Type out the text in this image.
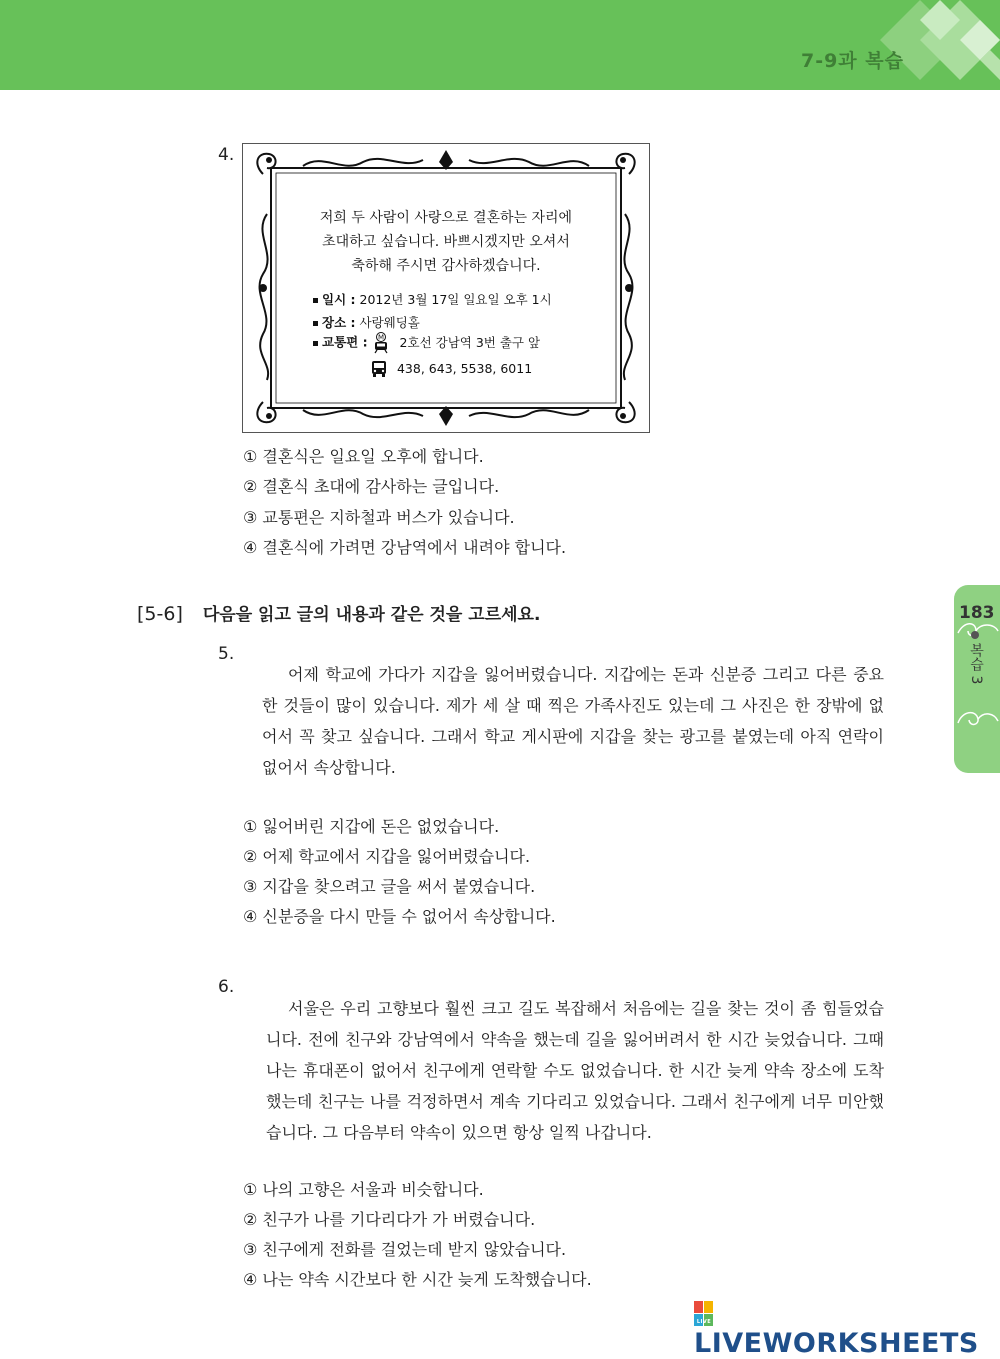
7-9과 복습
183
복습 3
4.
저희 두 사람이 사랑으로 결혼하는 자리에
초대하고 싶습니다. 바쁘시겠지만 오셔서
축하해 주시면 감사하겠습니다.
일시 : 2012년 3월 17일 일요일 오후 1시
장소 : 사랑웨딩홀
교통편 : M 2호선 강남역 3번 출구 앞
438, 643, 5538, 6011
① 결혼식은 일요일 오후에 합니다.
② 결혼식 초대에 감사하는 글입니다.
③ 교통편은 지하철과 버스가 있습니다.
④ 결혼식에 가려면 강남역에서 내려야 합니다.
[5-6] 다음을 읽고 글의 내용과 같은 것을 고르세요.
5.
어제 학교에 가다가 지갑을 잃어버렸습니다. 지갑에는 돈과 신분증 그리고 다른 중요한 것들이 많이 있습니다. 제가 세 살 때 찍은 가족사진도 있는데 그 사진은 한 장밖에 없어서 꼭 찾고 싶습니다. 그래서 학교 게시판에 지갑을 찾는 광고를 붙였는데 아직 연락이 없어서 속상합니다.
① 잃어버린 지갑에 돈은 없었습니다.
② 어제 학교에서 지갑을 잃어버렸습니다.
③ 지갑을 찾으려고 글을 써서 붙였습니다.
④ 신분증을 다시 만들 수 없어서 속상합니다.
6.
서울은 우리 고향보다 훨씬 크고 길도 복잡해서 처음에는 길을 찾는 것이 좀 힘들었습니다. 전에 친구와 강남역에서 약속을 했는데 길을 잃어버려서 한 시간 늦었습니다. 그때 나는 휴대폰이 없어서 친구에게 연락할 수도 없었습니다. 한 시간 늦게 약속 장소에 도착했는데 친구는 나를 걱정하면서 계속 기다리고 있었습니다. 그래서 친구에게 너무 미안했습니다. 그 다음부터 약속이 있으면 항상 일찍 나갑니다.
① 나의 고향은 서울과 비슷합니다.
② 친구가 나를 기다리다가 가 버렸습니다.
③ 친구에게 전화를 걸었는데 받지 않았습니다.
④ 나는 약속 시간보다 한 시간 늦게 도착했습니다.
LIVE
LIVEWORKSHEETS
